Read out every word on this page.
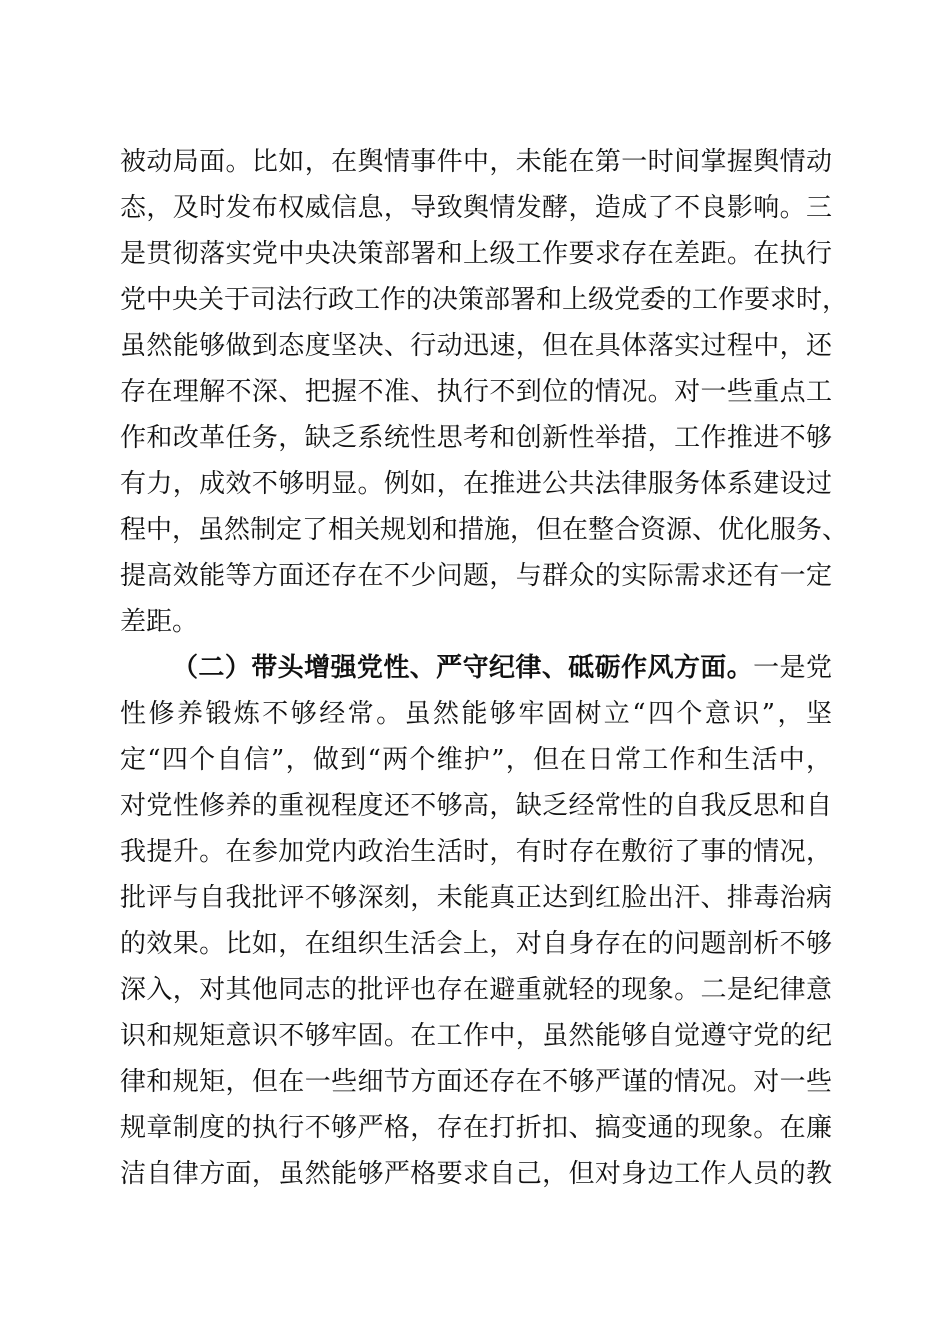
被动局面。比如，在舆情事件中，未能在第一时间掌握舆情动
态，及时发布权威信息，导致舆情发酵，造成了不良影响。三
是贯彻落实党中央决策部署和上级工作要求存在差距。在执行
党中央关于司法行政工作的决策部署和上级党委的工作要求时，
虽然能够做到态度坚决、行动迅速，但在具体落实过程中，还
存在理解不深、把握不准、执行不到位的情况。对一些重点工
作和改革任务，缺乏系统性思考和创新性举措，工作推进不够
有力，成效不够明显。例如，在推进公共法律服务体系建设过
程中，虽然制定了相关规划和措施，但在整合资源、优化服务、
提高效能等方面还存在不少问题，与群众的实际需求还有一定
差距。
（二）带头增强党性、严守纪律、砥砺作风方面。一是党
性修养锻炼不够经常。虽然能够牢固树立“四个意识”，坚
定“四个自信”，做到“两个维护”，但在日常工作和生活中，
对党性修养的重视程度还不够高，缺乏经常性的自我反思和自
我提升。在参加党内政治生活时，有时存在敷衍了事的情况，
批评与自我批评不够深刻，未能真正达到红脸出汗、排毒治病
的效果。比如，在组织生活会上，对自身存在的问题剖析不够
深入，对其他同志的批评也存在避重就轻的现象。二是纪律意
识和规矩意识不够牢固。在工作中，虽然能够自觉遵守党的纪
律和规矩，但在一些细节方面还存在不够严谨的情况。对一些
规章制度的执行不够严格，存在打折扣、搞变通的现象。在廉
洁自律方面，虽然能够严格要求自己，但对身边工作人员的教
